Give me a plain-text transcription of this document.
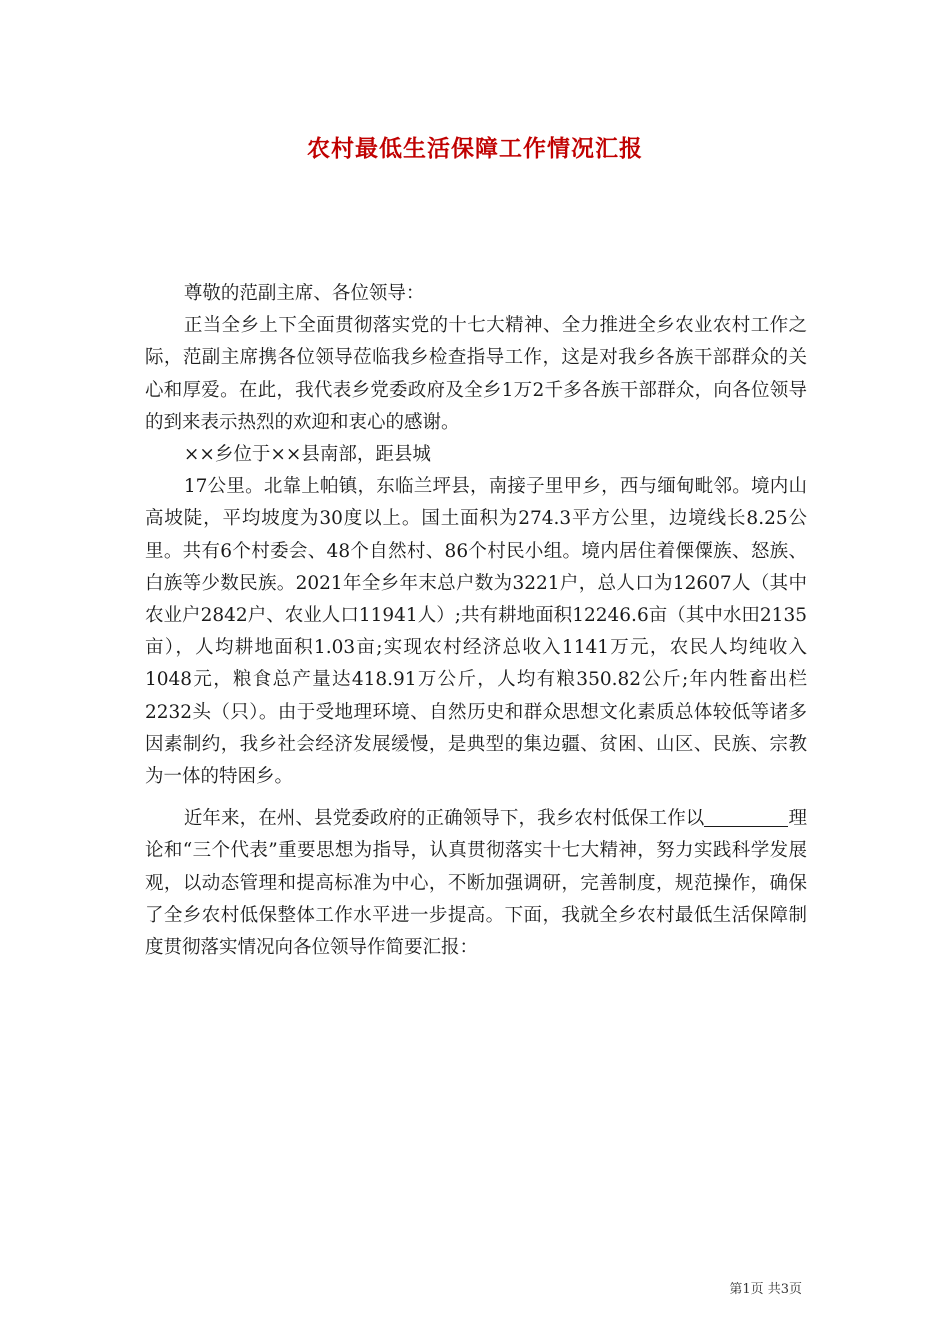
农村最低生活保障工作情况汇报

尊敬的范副主席、各位领导：

正当全乡上下全面贯彻落实党的十七大精神、全力推进全乡农业农村工作之际，范副主席携各位领导莅临我乡检查指导工作，这是对我乡各族干部群众的关心和厚爱。在此，我代表乡党委政府及全乡1万2千多各族干部群众，向各位领导的到来表示热烈的欢迎和衷心的感谢。

××乡位于××县南部，距县城

17公里。北靠上帕镇，东临兰坪县，南接子里甲乡，西与缅甸毗邻。境内山高坡陡，平均坡度为30度以上。国土面积为274.3平方公里，边境线长8.25公里。共有6个村委会、48个自然村、86个村民小组。境内居住着傈僳族、怒族、白族等少数民族。2021年全乡年末总户数为3221户，总人口为12607人（其中农业户2842户、农业人口11941人）;共有耕地面积12246.6亩（其中水田2135亩），人均耕地面积1.03亩;实现农村经济总收入1141万元，农民人均纯收入1048元，粮食总产量达418.91万公斤，人均有粮350.82公斤;年内牲畜出栏2232头（只）。由于受地理环境、自然历史和群众思想文化素质总体较低等诸多因素制约，我乡社会经济发展缓慢，是典型的集边疆、贫困、山区、民族、宗教为一体的特困乡。

近年来，在州、县党委政府的正确领导下，我乡农村低保工作以	理论和“三个代表”重要思想为指导，认真贯彻落实十七大精神，努力实践科学发展观，以动态管理和提高标准为中心，不断加强调研，完善制度，规范操作，确保了全乡农村低保整体工作水平进一步提高。下面，我就全乡农村最低生活保障制度贯彻落实情况向各位领导作简要汇报：

第1页 共3页
